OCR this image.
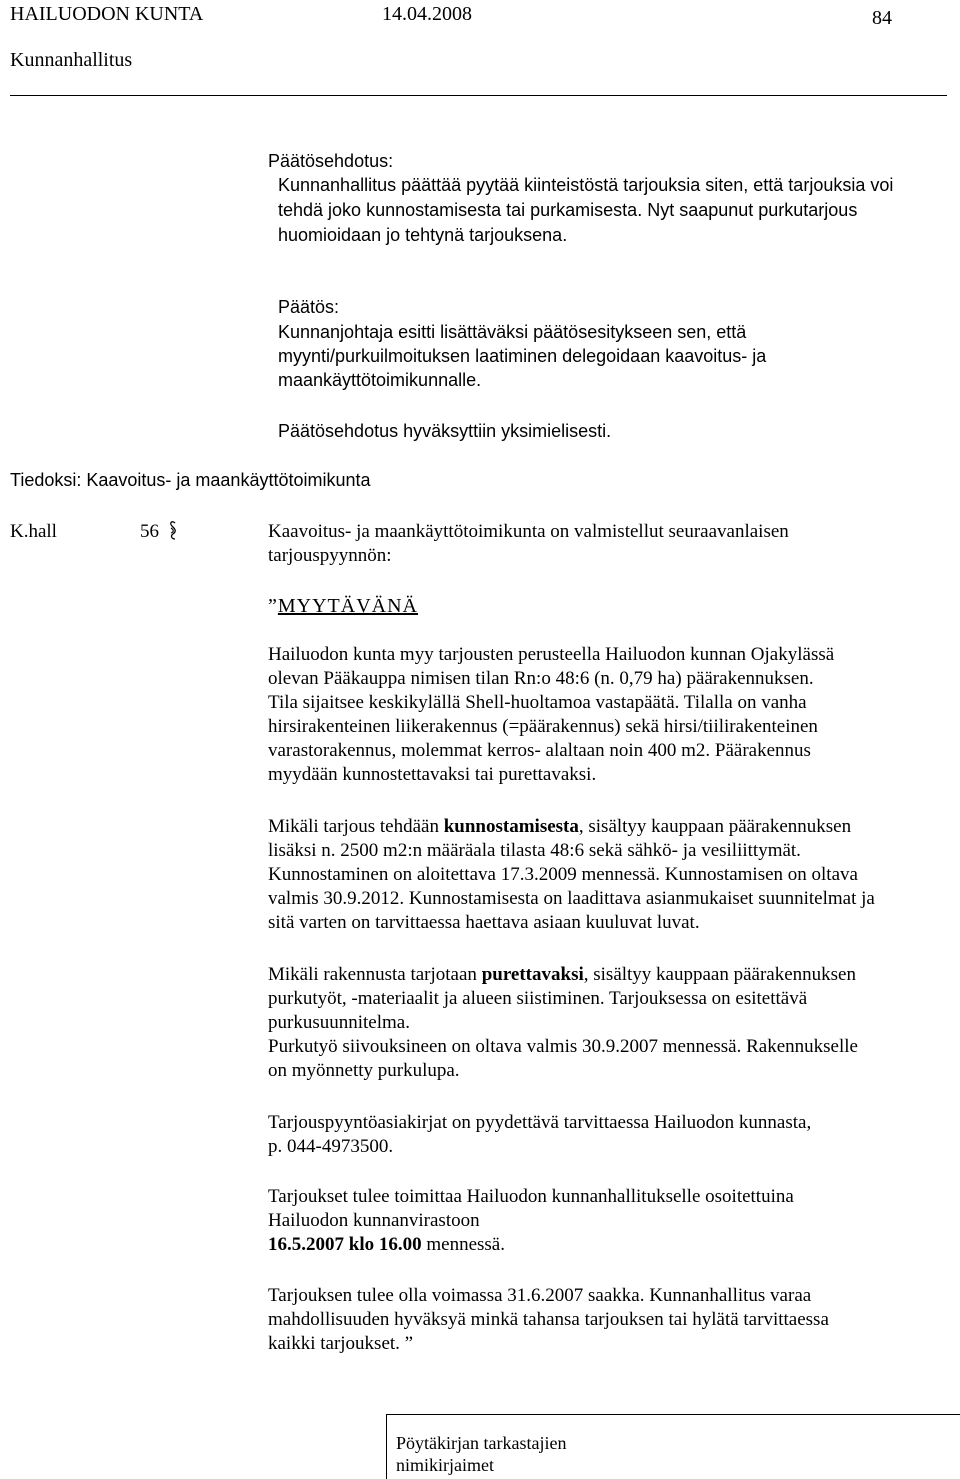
HAILUODON KUNTA	14.04.2008	84
Kunnanhallitus
Päätösehdotus:

Kunnanhallitus päättää pyytää kiinteistöstä tarjouksia siten, että tarjouksia voi

tehdä joko kunnostamisesta tai purkamisesta. Nyt saapunut purkutarjous

huomioidaan jo tehtynä tarjouksena.

Päätös:

Kunnanjohtaja esitti lisättäväksi päätösesitykseen sen, että

myynti/purkuilmoituksen laatiminen delegoidaan kaavoitus- ja

maankäyttötoimikunnalle.

Päätösehdotus hyväksyttiin yksimielisesti.
Tiedoksi: Kaavoitus- ja maankäyttötoimikunta
K.hall	56	Kaavoitus- ja maankäyttötoimikunta on valmistellut seuraavanlaisen

tarjouspyynnön:

”MYYTÄVÄNÄ

Hailuodon kunta myy tarjousten perusteella Hailuodon kunnan Ojakylässä

olevan Pääkauppa nimisen tilan Rn:o 48:6 (n. 0,79 ha) päärakennuksen.

Tila sijaitsee keskikylällä Shell-huoltamoa vastapäätä. Tilalla on vanha

hirsirakenteinen liikerakennus (=päärakennus) sekä hirsi/tiilirakenteinen

varastorakennus, molemmat kerros- alaltaan noin 400 m2. Päärakennus

myydään kunnostettavaksi tai purettavaksi.

Mikäli tarjous tehdään kunnostamisesta, sisältyy kauppaan päärakennuksen

lisäksi n. 2500 m2:n määräala tilasta 48:6 sekä sähkö- ja vesiliittymät.

Kunnostaminen on aloitettava 17.3.2009 mennessä. Kunnostamisen on oltava

valmis 30.9.2012. Kunnostamisesta on laadittava asianmukaiset suunnitelmat ja

sitä varten on tarvittaessa haettava asiaan kuuluvat luvat.

Mikäli rakennusta tarjotaan purettavaksi, sisältyy kauppaan päärakennuksen

purkutyöt, -materiaalit ja alueen siistiminen. Tarjouksessa on esitettävä

purkusuunnitelma.

Purkutyö siivouksineen on oltava valmis 30.9.2007 mennessä. Rakennukselle

on myönnetty purkulupa.

Tarjouspyyntöasiakirjat on pyydettävä tarvittaessa Hailuodon kunnasta,

p. 044-4973500.

Tarjoukset tulee toimittaa Hailuodon kunnanhallitukselle osoitettuina

Hailuodon kunnanvirastoon

16.5.2007 klo 16.00 mennessä.

Tarjouksen tulee olla voimassa 31.6.2007 saakka. Kunnanhallitus varaa

mahdollisuuden hyväksyä minkä tahansa tarjouksen tai hylätä tarvittaessa

kaikki tarjoukset. ”

Pöytäkirjan tarkastajien
nimikirjaimet
